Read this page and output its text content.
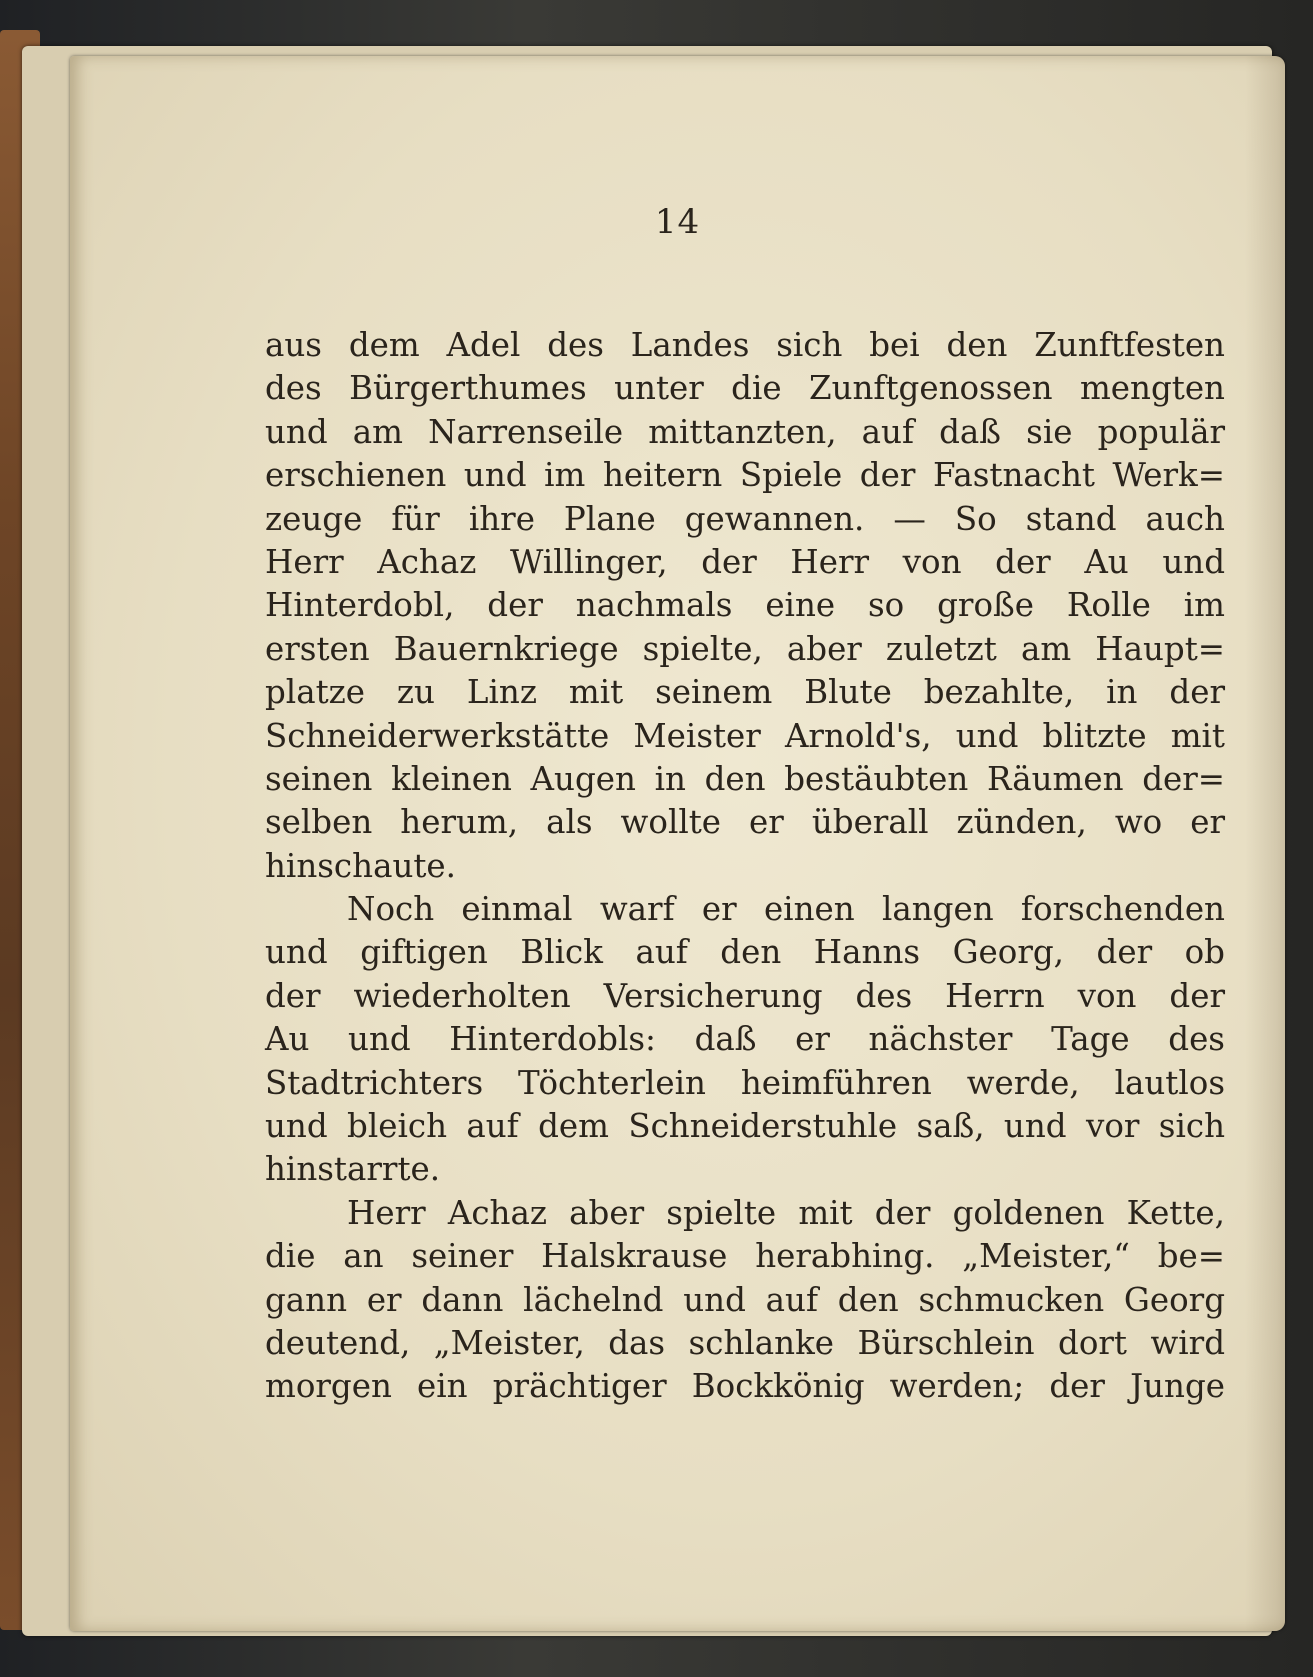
14
aus dem Adel des Landes sich bei den Zunftfesten
des Bürgerthumes unter die Zunftgenossen mengten
und am Narrenseile mittanzten, auf daß sie populär
erschienen und im heitern Spiele der Fastnacht Werk=
zeuge für ihre Plane gewannen. — So stand auch
Herr Achaz Willinger, der Herr von der Au und
Hinterdobl, der nachmals eine so große Rolle im
ersten Bauernkriege spielte, aber zuletzt am Haupt=
platze zu Linz mit seinem Blute bezahlte, in der
Schneiderwerkstätte Meister Arnold's, und blitzte mit
seinen kleinen Augen in den bestäubten Räumen der=
selben herum, als wollte er überall zünden, wo er
hinschaute.
Noch einmal warf er einen langen forschenden
und giftigen Blick auf den Hanns Georg, der ob
der wiederholten Versicherung des Herrn von der
Au und Hinterdobls: daß er nächster Tage des
Stadtrichters Töchterlein heimführen werde, lautlos
und bleich auf dem Schneiderstuhle saß, und vor sich
hinstarrte.
Herr Achaz aber spielte mit der goldenen Kette,
die an seiner Halskrause herabhing. „Meister,“ be=
gann er dann lächelnd und auf den schmucken Georg
deutend, „Meister, das schlanke Bürschlein dort wird
morgen ein prächtiger Bockkönig werden; der Junge
